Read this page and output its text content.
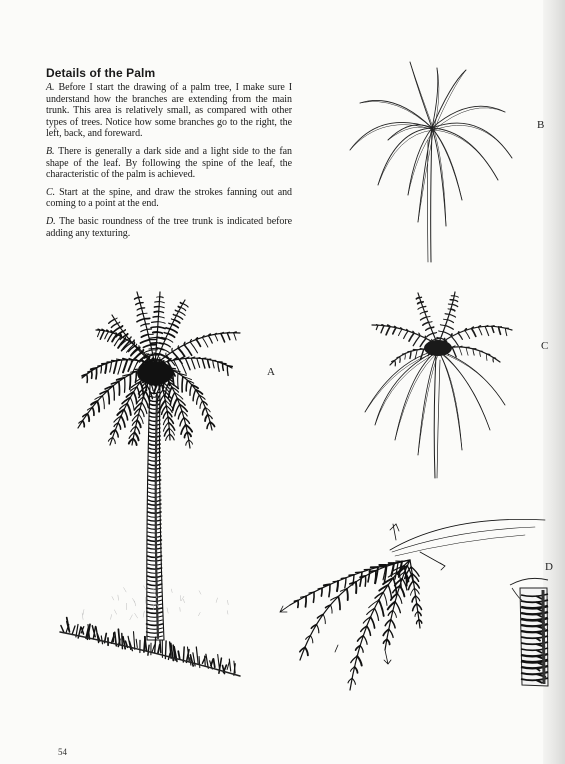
Details of the Palm

A. Before I start the drawing of a palm tree, I make sure I understand how the branches are extending from the main trunk. This area is relatively small, as compared with other types of trees. Notice how some branches go to the right, the left, back, and foreward.

B. There is generally a dark side and a light side to the fan shape of the leaf. By following the spine of the leaf, the characteristic of the palm is achieved.

C. Start at the spine, and draw the strokes fanning out and coming to a point at the end.

D. The basic roundness of the tree trunk is indicated before adding any texturing.

A
B
C
D
54
